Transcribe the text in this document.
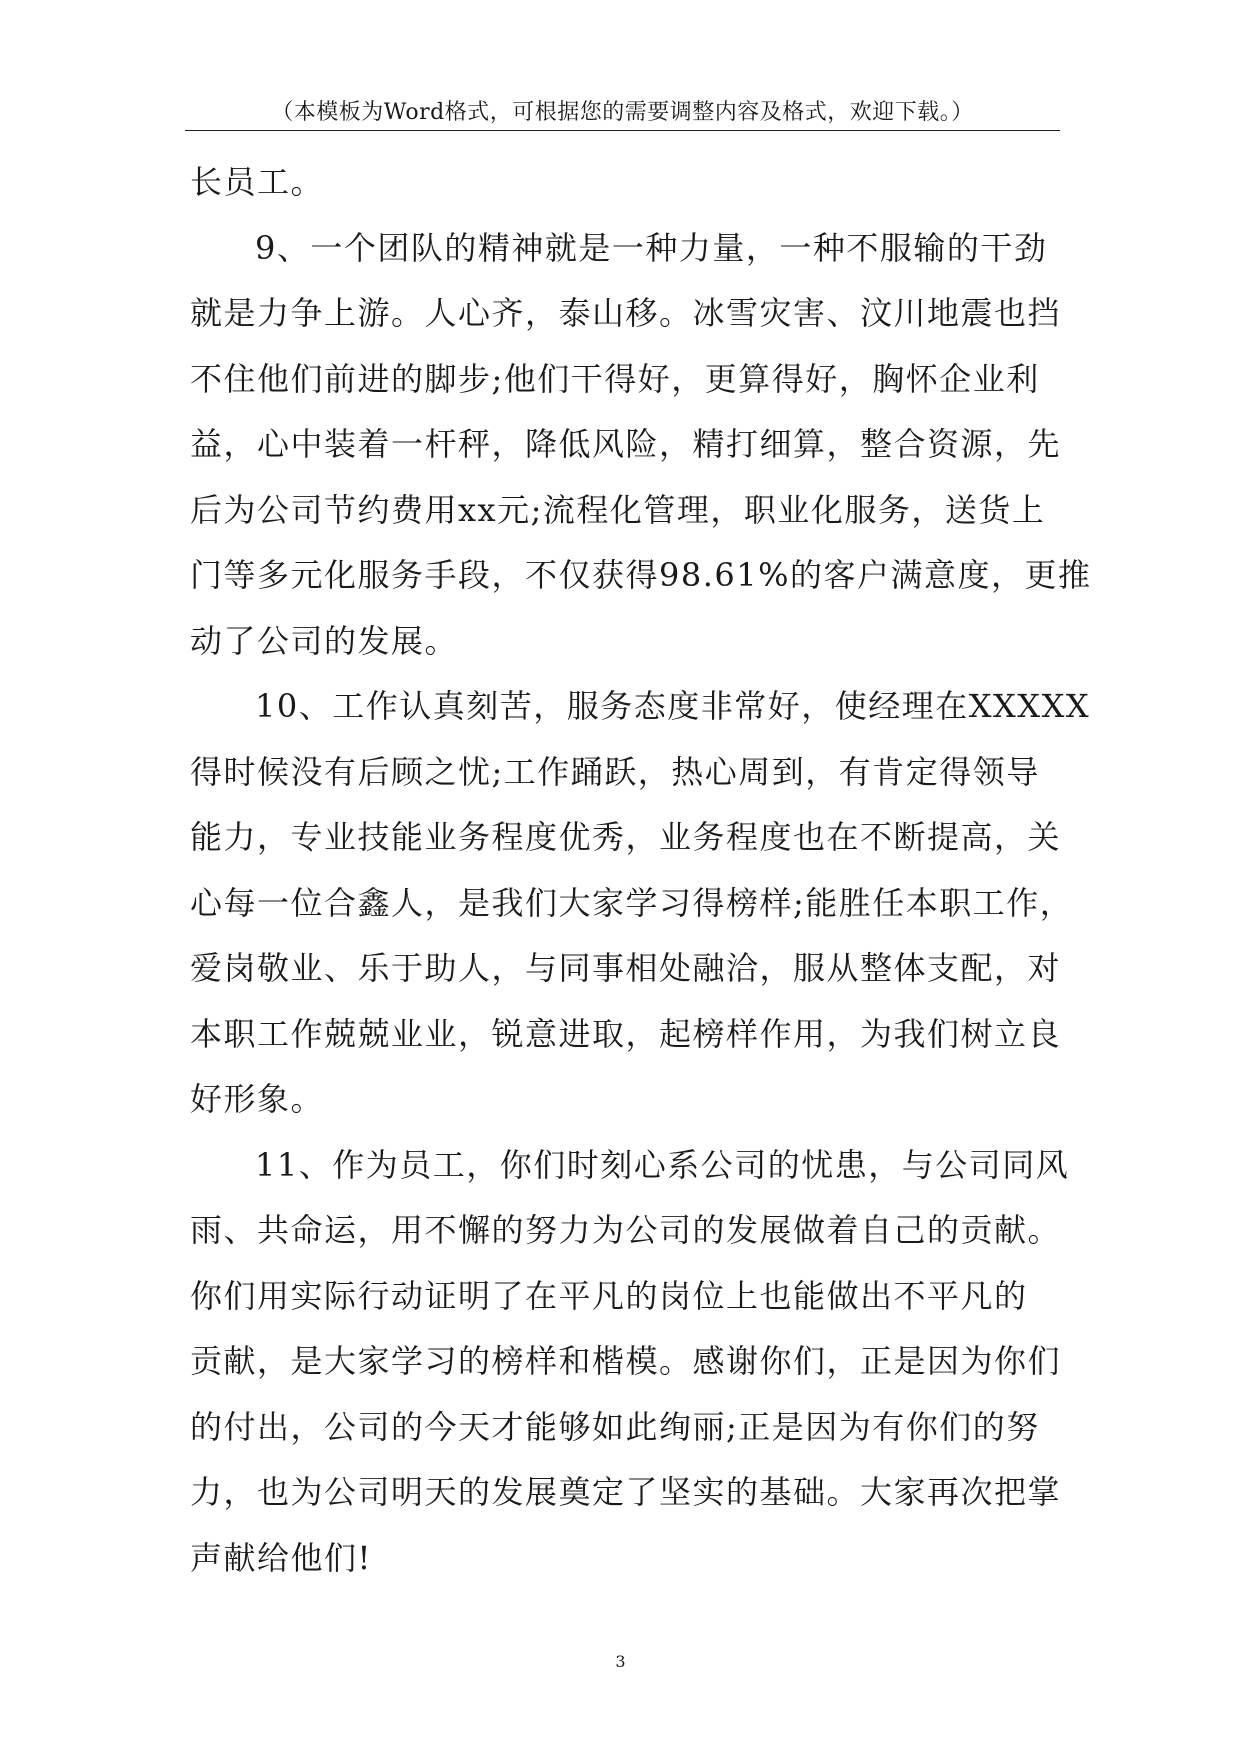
（本模板为Word格式，可根据您的需要调整内容及格式，欢迎下载。）
长员工。
9、一个团队的精神就是一种力量，一种不服输的干劲
就是力争上游。人心齐，泰山移。冰雪灾害、汶川地震也挡
不住他们前进的脚步;他们干得好，更算得好，胸怀企业利
益，心中装着一杆秤，降低风险，精打细算，整合资源，先
后为公司节约费用xx元;流程化管理，职业化服务，送货上
门等多元化服务手段，不仅获得98.61%的客户满意度，更推
动了公司的发展。
10、工作认真刻苦，服务态度非常好，使经理在XXXXX
得时候没有后顾之忧;工作踊跃，热心周到，有肯定得领导
能力，专业技能业务程度优秀，业务程度也在不断提高，关
心每一位合鑫人，是我们大家学习得榜样;能胜任本职工作，
爱岗敬业、乐于助人，与同事相处融洽，服从整体支配，对
本职工作兢兢业业，锐意进取，起榜样作用，为我们树立良
好形象。
11、作为员工，你们时刻心系公司的忧患，与公司同风
雨、共命运，用不懈的努力为公司的发展做着自己的贡献。
你们用实际行动证明了在平凡的岗位上也能做出不平凡的
贡献，是大家学习的榜样和楷模。感谢你们，正是因为你们
的付出，公司的今天才能够如此绚丽;正是因为有你们的努
力，也为公司明天的发展奠定了坚实的基础。大家再次把掌
声献给他们!
3
